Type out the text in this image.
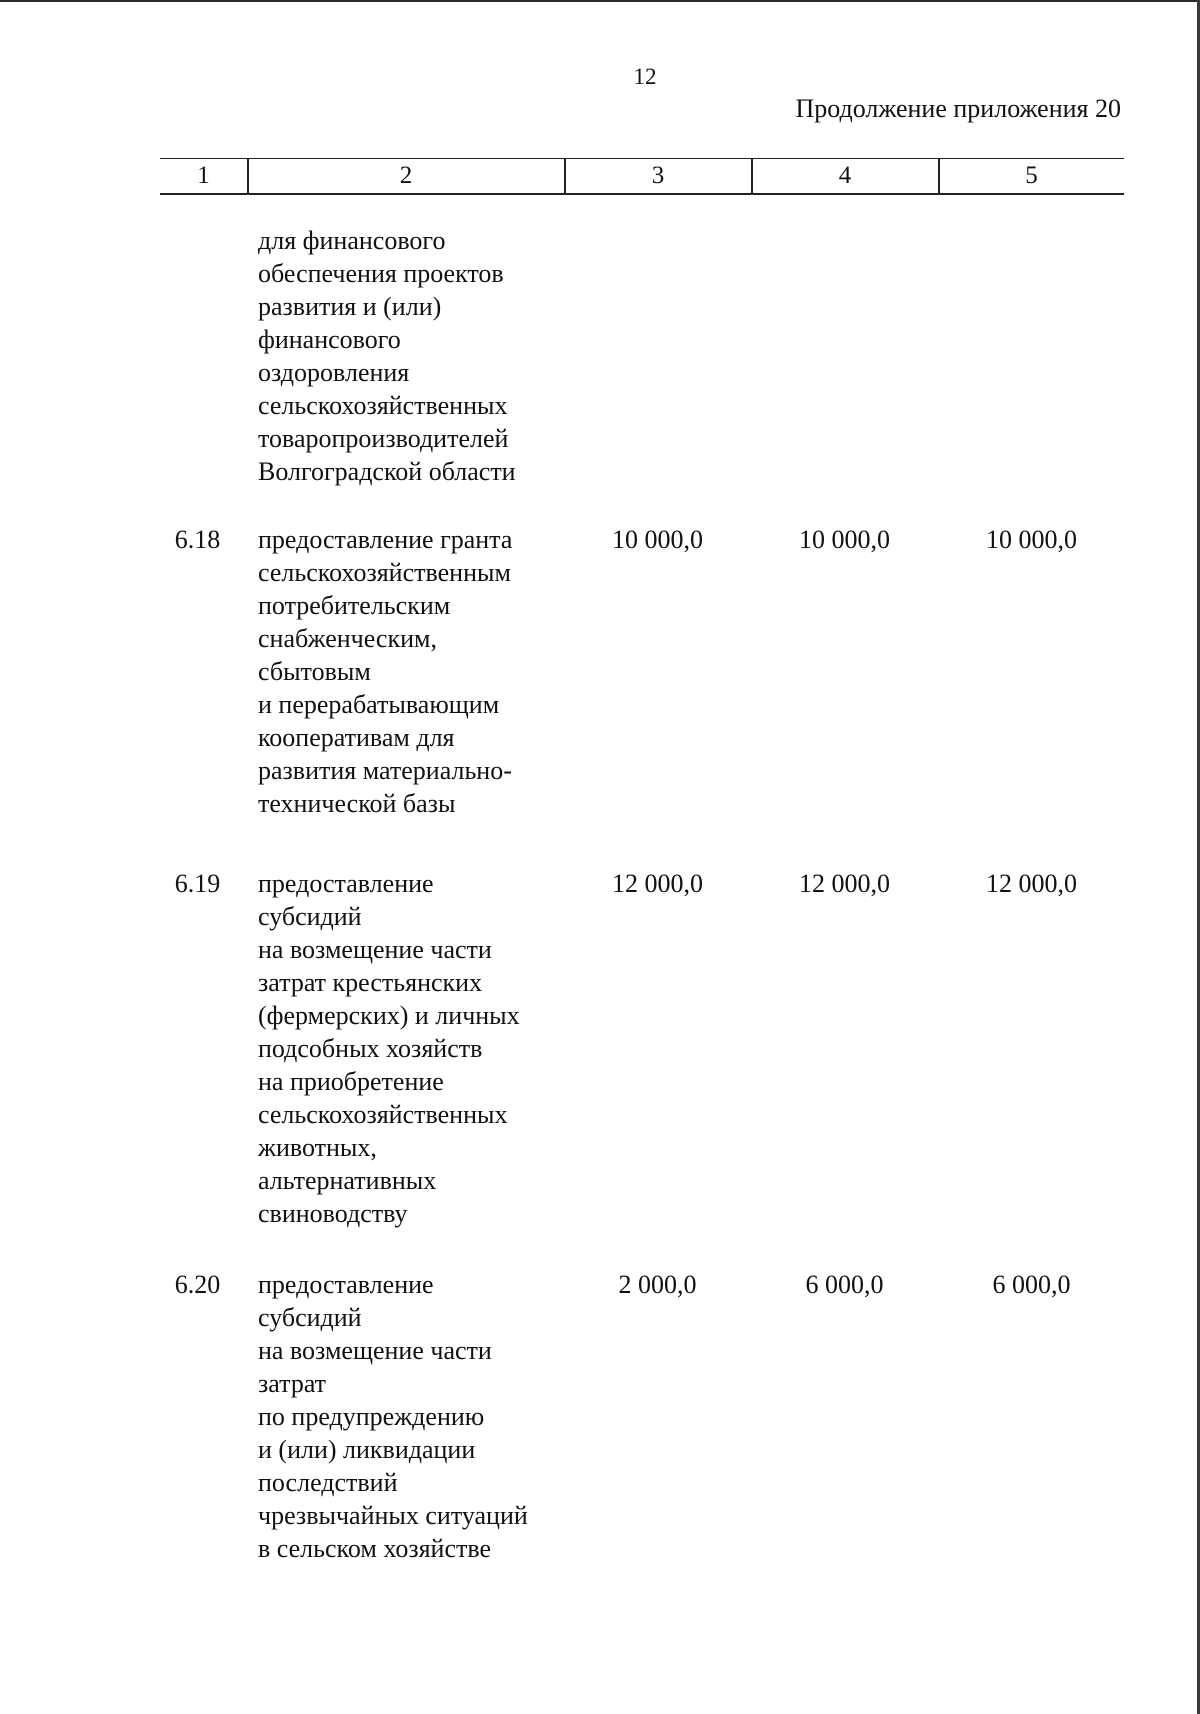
12
Продолжение приложения 20
1	2	3	4	5
для финансового
обеспечения проектов
развития и (или)
финансового
оздоровления
сельскохозяйственных
товаропроизводителей
Волгоградской области
6.18	предоставление гранта
сельскохозяйственным
потребительским
снабженческим,
сбытовым
и перерабатывающим
кооперативам для
развития материально-
технической базы
10 000,0	10 000,0	10 000,0
6.19	предоставление
субсидий
на возмещение части
затрат крестьянских
(фермерских) и личных
подсобных хозяйств
на приобретение
сельскохозяйственных
животных,
альтернативных
свиноводству
12 000,0	12 000,0	12 000,0
6.20	предоставление
субсидий
на возмещение части
затрат
по предупреждению
и (или) ликвидации
последствий
чрезвычайных ситуаций
в сельском хозяйстве
2 000,0	6 000,0	6 000,0
